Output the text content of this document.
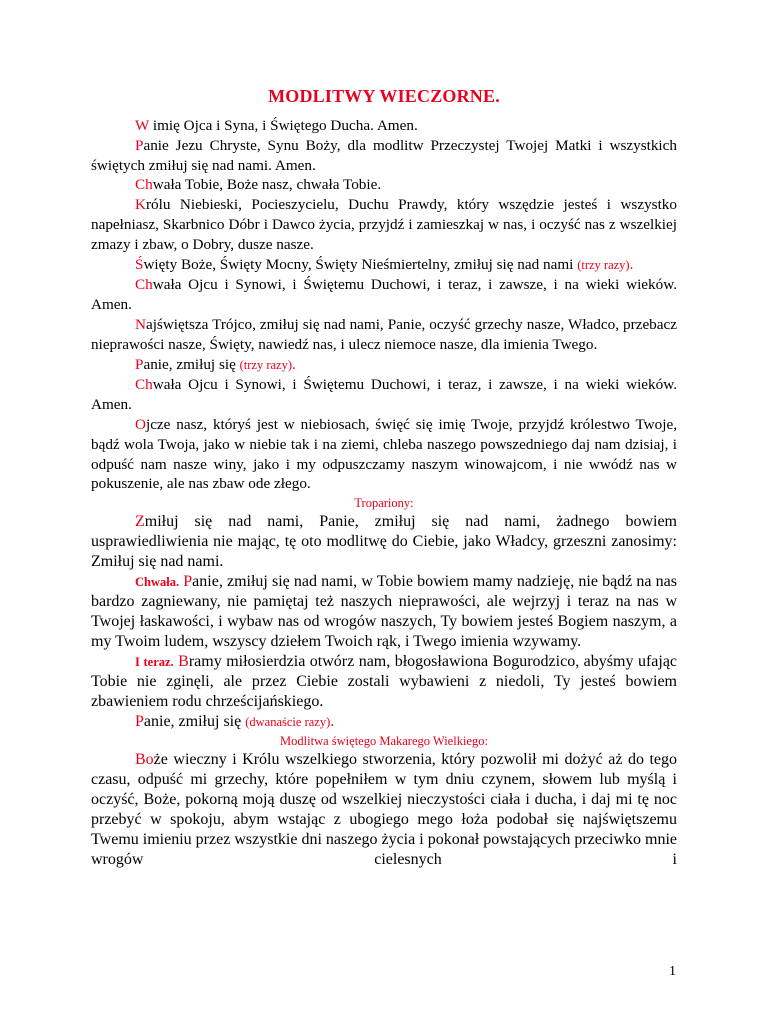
MODLITWY WIECZORNE.

W imię Ojca i Syna, i Świętego Ducha. Amen.

Panie Jezu Chryste, Synu Boży, dla modlitw Przeczystej Twojej Matki i wszystkich świętych zmiłuj się nad nami. Amen.

Chwała Tobie, Boże nasz, chwała Tobie.

Królu Niebieski, Pocieszycielu, Duchu Prawdy, który wszędzie jesteś i wszystko napełniasz, Skarbnico Dóbr i Dawco życia, przyjdź i zamieszkaj w nas, i oczyść nas z wszelkiej zmazy i zbaw, o Dobry, dusze nasze.

Święty Boże, Święty Mocny, Święty Nieśmiertelny, zmiłuj się nad nami (trzy razy).

Chwała Ojcu i Synowi, i Świętemu Duchowi, i teraz, i zawsze, i na wieki wieków. Amen.

Najświętsza Trójco, zmiłuj się nad nami, Panie, oczyść grzechy nasze, Władco, przebacz nieprawości nasze, Święty, nawiedź nas, i ulecz niemoce nasze, dla imienia Twego.

Panie, zmiłuj się (trzy razy).

Chwała Ojcu i Synowi, i Świętemu Duchowi, i teraz, i zawsze, i na wieki wieków. Amen.

Ojcze nasz, któryś jest w niebiosach, święć się imię Twoje, przyjdź królestwo Twoje, bądź wola Twoja, jako w niebie tak i na ziemi, chleba naszego powszedniego daj nam dzisiaj, i odpuść nam nasze winy, jako i my odpuszczamy naszym winowajcom, i nie wwódź nas w pokuszenie, ale nas zbaw ode złego.

Tropariony:

Zmiłuj się nad nami, Panie, zmiłuj się nad nami, żadnego bowiem usprawiedliwienia nie mając, tę oto modlitwę do Ciebie, jako Władcy, grzeszni zanosimy: Zmiłuj się nad nami.

Chwała. Panie, zmiłuj się nad nami, w Tobie bowiem mamy nadzieję, nie bądź na nas bardzo zagniewany, nie pamiętaj też naszych nieprawości, ale wejrzyj i teraz na nas w Twojej łaskawości, i wybaw nas od wrogów naszych, Ty bowiem jesteś Bogiem naszym, a my Twoim ludem, wszyscy dziełem Twoich rąk, i Twego imienia wzywamy.

I teraz. Bramy miłosierdzia otwórz nam, błogosławiona Bogurodzico, abyśmy ufając Tobie nie zginęli, ale przez Ciebie zostali wybawieni z niedoli, Ty jesteś bowiem zbawieniem rodu chrześcijańskiego.

Panie, zmiłuj się (dwanaście razy).

Modlitwa świętego Makarego Wielkiego:

Boże wieczny i Królu wszelkiego stworzenia, który pozwolił mi dożyć aż do tego czasu, odpuść mi grzechy, które popełniłem w tym dniu czynem, słowem lub myślą i oczyść, Boże, pokorną moją duszę od wszelkiej nieczystości ciała i ducha, i daj mi tę noc przebyć w spokoju, abym wstając z ubogiego mego łoża podobał się najświętszemu Twemu imieniu przez wszystkie dni naszego życia i pokonał powstających przeciwko mnie wrogów cielesnych i

1
